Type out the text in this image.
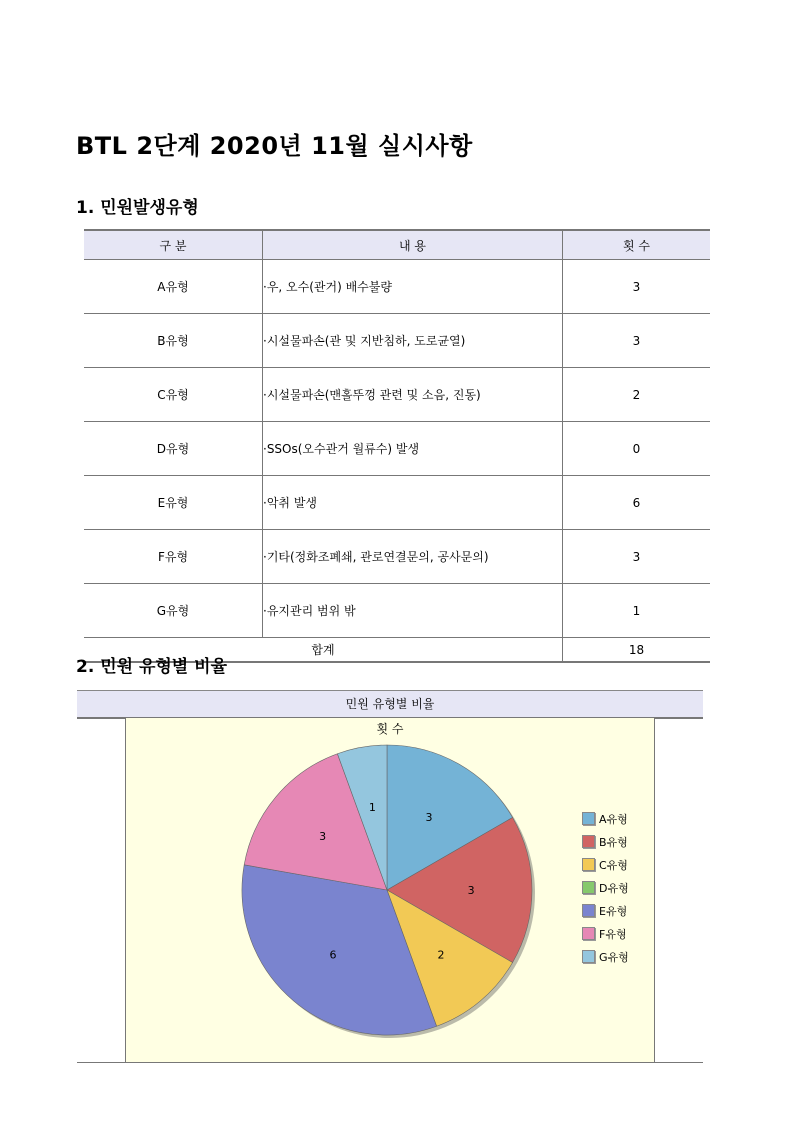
BTL 2단계 2020년 11월 실시사항
1. 민원발생유형
구 분	내 용	횟 수
A유형	·우, 오수(관거) 배수불량	3
B유형	·시설물파손(관 및 지반침하, 도로균열)	3
C유형	·시설물파손(맨홀뚜껑 관련 및 소음, 진동)	2
D유형	·SSOs(오수관거 월류수) 발생	0
E유형	·악취 발생	6
F유형	·기타(정화조폐쇄, 관로연결문의, 공사문의)	3
G유형	·유지관리 범위 밖	1
합계		18
2. 민원 유형별 비율
민원 유형별 비율
횟 수
3
3
2
6
3
1
A유형
B유형
C유형
D유형
E유형
F유형
G유형
